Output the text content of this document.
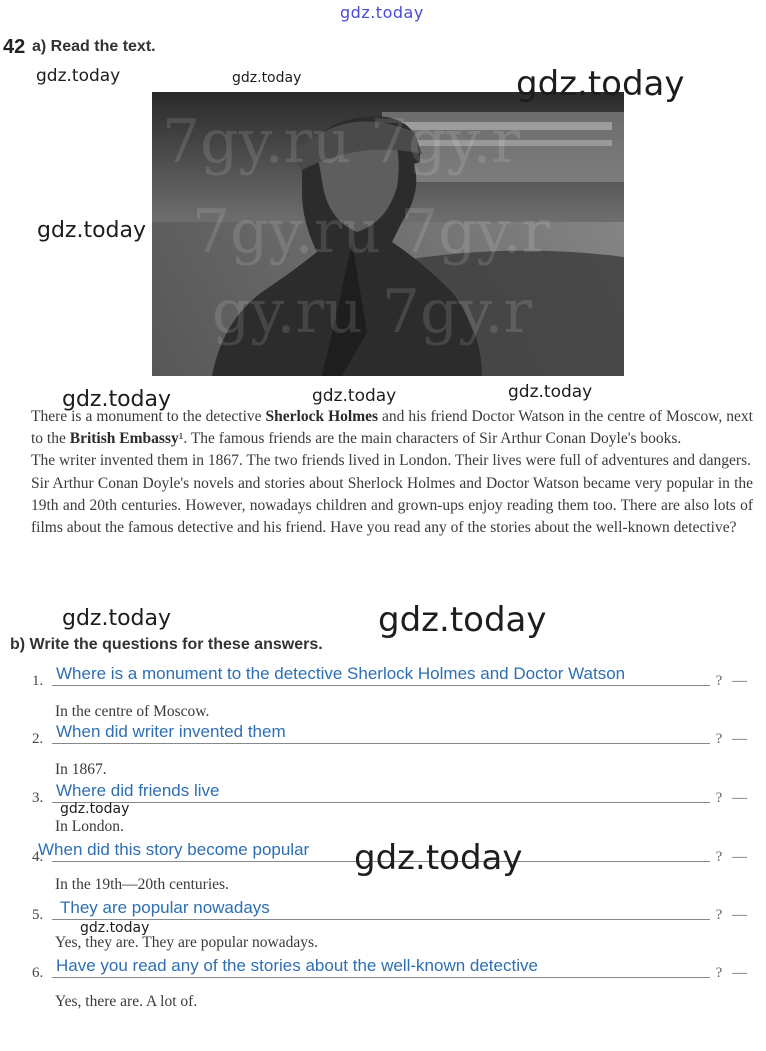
gdz.today
42 a) Read the text.
7gy.ru 7gy.r
7gy.ru 7gy.r
gy.ru 7gy.r

There is a monument to the detective Sherlock Holmes and his friend Doctor Watson in the centre of Moscow, next to the British Embassy¹. The famous friends are the main characters of Sir Arthur Conan Doyle's books.

The writer invented them in 1867. The two friends lived in London. Their lives were full of adventures and dangers.

Sir Arthur Conan Doyle's novels and stories about Sherlock Holmes and Doctor Watson became very popular in the 19th and 20th centuries. However, nowadays children and grown-ups enjoy reading them too. There are also lots of films about the famous detective and his friend. Have you read any of the stories about the well-known detective?

b) Write the questions for these answers.
1. Where is a monument to the detective Sherlock Holmes and Doctor Watson	? —
In the centre of Moscow.
2. When did writer invented them	? —
In 1867.
3. Where did friends live	? —
In London.
4.
When did this story become popular	? —
In the 19th—20th centuries.
5. They are popular nowadays	? —
Yes, they are. They are popular nowadays.
6. Have you read any of the stories about the well-known detective	? —
Yes, there are. A lot of.
gdz.today	gdz.today	gdz.today
gdz.today
gdz.today	gdz.today	gdz.today
gdz.today	gdz.today
gdz.today
gdz.today
gdz.today
